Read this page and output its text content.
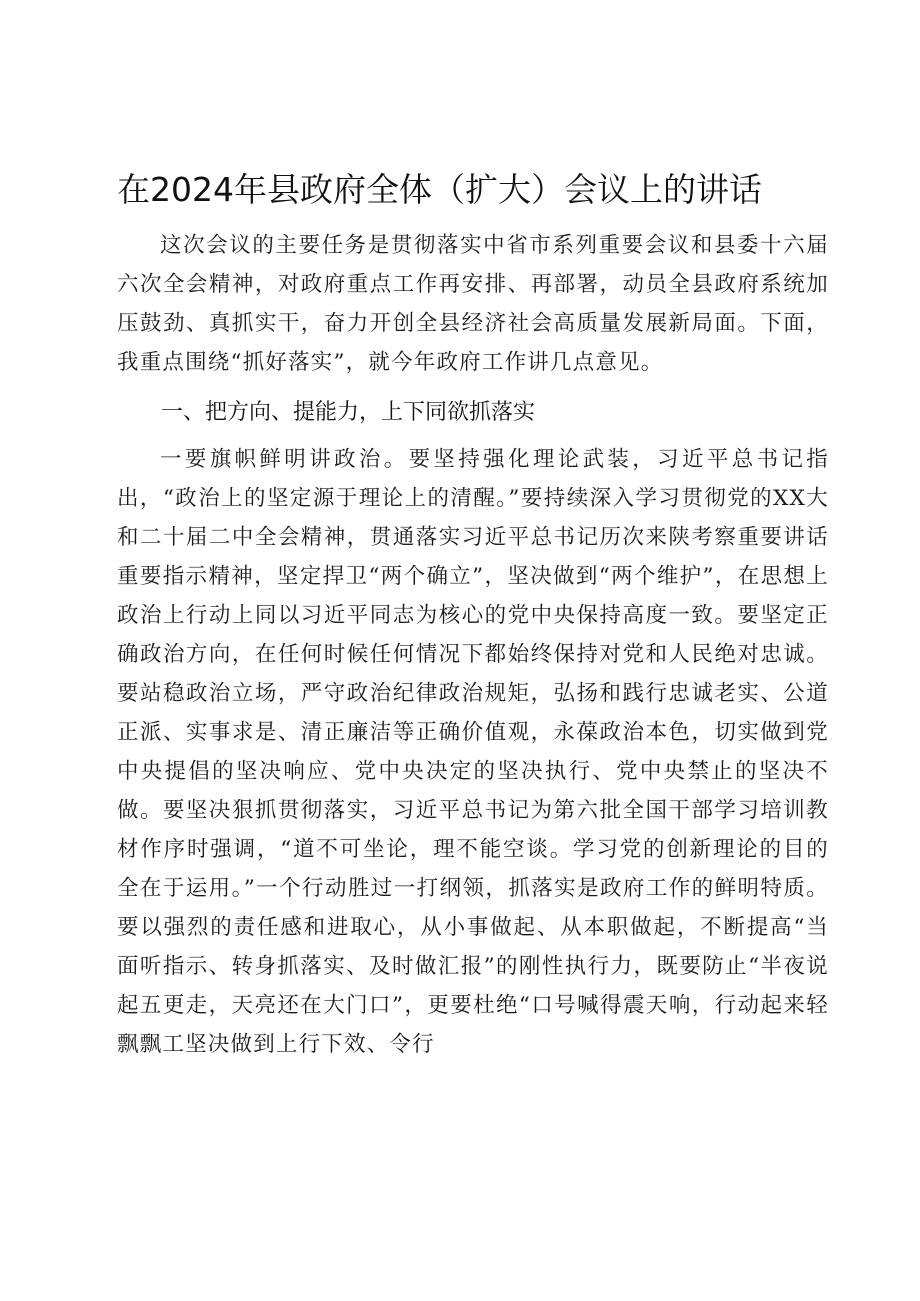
在2024年县政府全体（扩大）会议上的讲话

这次会议的主要任务是贯彻落实中省市系列重要会议和县委十六届六次全会精神，对政府重点工作再安排、再部署，动员全县政府系统加压鼓劲、真抓实干，奋力开创全县经济社会高质量发展新局面。下面，我重点围绕“抓好落实”，就今年政府工作讲几点意见。

一、把方向、提能力，上下同欲抓落实

一要旗帜鲜明讲政治。要坚持强化理论武装，习近平总书记指出，“政治上的坚定源于理论上的清醒。”要持续深入学习贯彻党的XX大和二十届二中全会精神，贯通落实习近平总书记历次来陕考察重要讲话重要指示精神，坚定捍卫“两个确立”，坚决做到“两个维护”，在思想上政治上行动上同以习近平同志为核心的党中央保持高度一致。要坚定正确政治方向，在任何时候任何情况下都始终保持对党和人民绝对忠诚。要站稳政治立场，严守政治纪律政治规矩，弘扬和践行忠诚老实、公道正派、实事求是、清正廉洁等正确价值观，永葆政治本色，切实做到党中央提倡的坚决响应、党中央决定的坚决执行、党中央禁止的坚决不做。要坚决狠抓贯彻落实，习近平总书记为第六批全国干部学习培训教材作序时强调，“道不可坐论，理不能空谈。学习党的创新理论的目的全在于运用。”一个行动胜过一打纲领，抓落实是政府工作的鲜明特质。要以强烈的责任感和进取心，从小事做起、从本职做起，不断提高“当面听指示、转身抓落实、及时做汇报”的刚性执行力，既要防止“半夜说起五更走，天亮还在大门口”，更要杜绝“口号喊得震天响，行动起来轻飘飘工坚决做到上行下效、令行
